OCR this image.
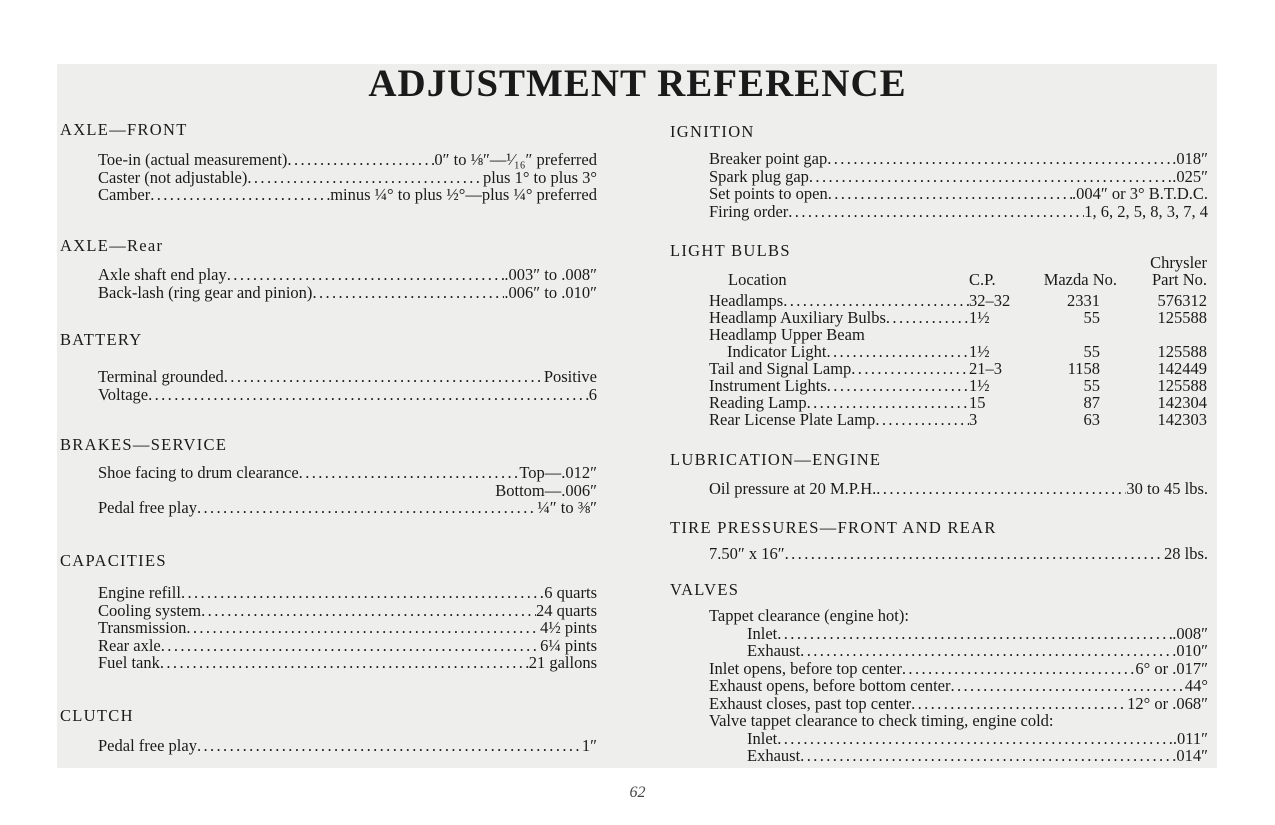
ADJUSTMENT REFERENCE
AXLE—FRONT
Toe-in (actual measurement) .....	0″ to ⅛″—¹⁄₁₆″ preferred
Caster (not adjustable) .....	plus 1° to plus 3°
Camber .....	minus ¼° to plus ½°—plus ¼° preferred
AXLE—Rear
Axle shaft end play .....	.003″ to .008″
Back-lash (ring gear and pinion) .....	.006″ to .010″
BATTERY
Terminal grounded .....	Positive
Voltage .....	6
BRAKES—SERVICE
Shoe facing to drum clearance .....	Top—.012″
Bottom—.006″
Pedal free play .....	¼″ to ⅜″
CAPACITIES
Engine refill .....	6 quarts
Cooling system .....	24 quarts
Transmission .....	4½ pints
Rear axle .....	6¼ pints
Fuel tank .....	21 gallons
CLUTCH
Pedal free play .....	1″
IGNITION
Breaker point gap .....	.018″
Spark plug gap .....	.025″
Set points to open .....	.004″ or 3° B.T.D.C.
Firing order .....	1, 6, 2, 5, 8, 3, 7, 4
LIGHT BULBS
LUBRICATION—ENGINE
Oil pressure at 20 M.P.H. .....	30 to 45 lbs.
TIRE PRESSURES—FRONT AND REAR
7.50″ x 16″ .....	28 lbs.
VALVES
Tappet clearance (engine hot):
Inlet .....	.008″
Exhaust .....	.010″
Inlet opens, before top center .....	6° or .017″
Exhaust opens, before bottom center .....	44°
Exhaust closes, past top center .....	12° or .068″
Valve tappet clearance to check timing, engine cold:
Inlet .....	.011″
Exhaust .....	.014″
Chrysler
Location	C.P.	Mazda No.	Part No.
Headlamps .....	32–32	2331	576312
Headlamp Auxiliary Bulbs .....	1½	55	125588
Headlamp Upper Beam
Indicator Light .....	1½	55	125588
Tail and Signal Lamp .....	21–3	1158	142449
Instrument Lights .....	1½	55	125588
Reading Lamp .....	15	87	142304
Rear License Plate Lamp .....	3	63	142303
62
